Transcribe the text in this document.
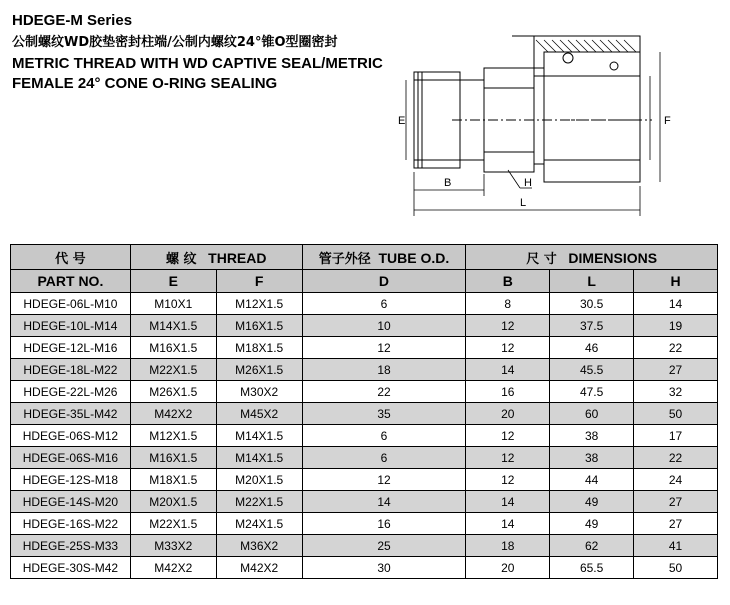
HDEGE-M Series
公制螺纹WD胶垫密封柱端/公制内螺纹24°锥O型圈密封
METRIC THREAD WITH WD CAPTIVE SEAL/METRIC FEMALE 24° CONE O-RING SEALING
E	F
B	H
L
代 号	螺 纹 THREAD		管子外径 TUBE O.D.	尺 寸 DIMENSIONS		
PART NO.	E	F	D	B	L	H
HDEGE-06L-M10	M10X1	M12X1.5	6	8	30.5	14
HDEGE-10L-M14	M14X1.5	M16X1.5	10	12	37.5	19
HDEGE-12L-M16	M16X1.5	M18X1.5	12	12	46	22
HDEGE-18L-M22	M22X1.5	M26X1.5	18	14	45.5	27
HDEGE-22L-M26	M26X1.5	M30X2	22	16	47.5	32
HDEGE-35L-M42	M42X2	M45X2	35	20	60	50
HDEGE-06S-M12	M12X1.5	M14X1.5	6	12	38	17
HDEGE-06S-M16	M16X1.5	M14X1.5	6	12	38	22
HDEGE-12S-M18	M18X1.5	M20X1.5	12	12	44	24
HDEGE-14S-M20	M20X1.5	M22X1.5	14	14	49	27
HDEGE-16S-M22	M22X1.5	M24X1.5	16	14	49	27
HDEGE-25S-M33	M33X2	M36X2	25	18	62	41
HDEGE-30S-M42	M42X2	M42X2	30	20	65.5	50
